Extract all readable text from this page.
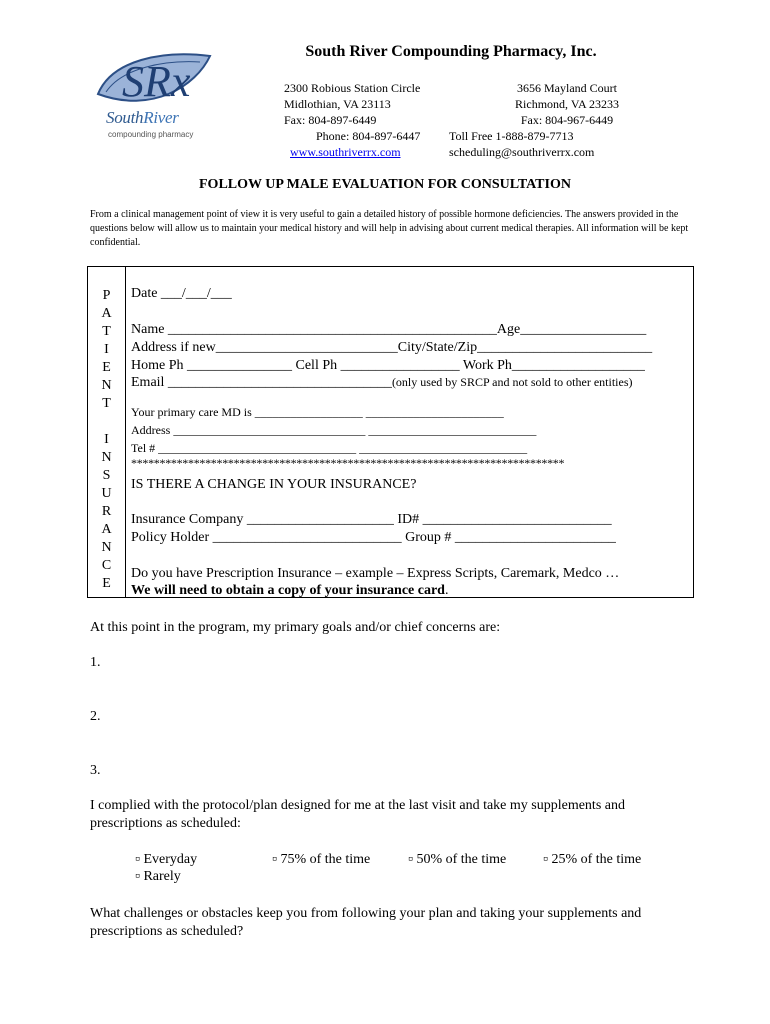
SRx
SouthRiver
compounding pharmacy
South River Compounding Pharmacy, Inc.
2300 Robious Station Circle
Midlothian, VA 23113
Fax: 804-897-6449
3656 Mayland Court
Richmond, VA 23233
Fax: 804-967-6449
Phone: 804-897-6447 Toll Free 1-888-879-7713
www.southriverrx.com	scheduling@southriverrx.com
FOLLOW UP MALE EVALUATION FOR CONSULTATION
From a clinical management point of view it is very useful to gain a detailed history of possible hormone deficiencies. The answers provided in the questions below will allow us to maintain your medical history and will help in advising about current medical therapies. All information will be kept confidential.
P
A
T
I
E
N
T
I
N
S
U
R
A
N
C
E
Date ___/___/___
Name _______________________________________________Age__________________
Address if new__________________________City/State/Zip_________________________
Home Ph _______________ Cell Ph _________________ Work Ph___________________
Email ________________________________(only used by SRCP and not sold to other entities)
Your primary care MD is __________________ _______________________
Address ________________________________ ____________________________
Tel # _________________________________ ____________________________
****************************************************************************
IS THERE A CHANGE IN YOUR INSURANCE?
Insurance Company _____________________ ID# ___________________________
Policy Holder ___________________________ Group # _______________________
Do you have Prescription Insurance – example – Express Scripts, Caremark, Medco …
We will need to obtain a copy of your insurance card.
At this point in the program, my primary goals and/or chief concerns are:
1.
2.
3.
I complied with the protocol/plan designed for me at the last visit and take my supplements and prescriptions as scheduled:
▫ Everyday	▫ 75% of the time	▫ 50% of the time	▫ 25% of the time
▫ Rarely
What challenges or obstacles keep you from following your plan and taking your supplements and prescriptions as scheduled?
